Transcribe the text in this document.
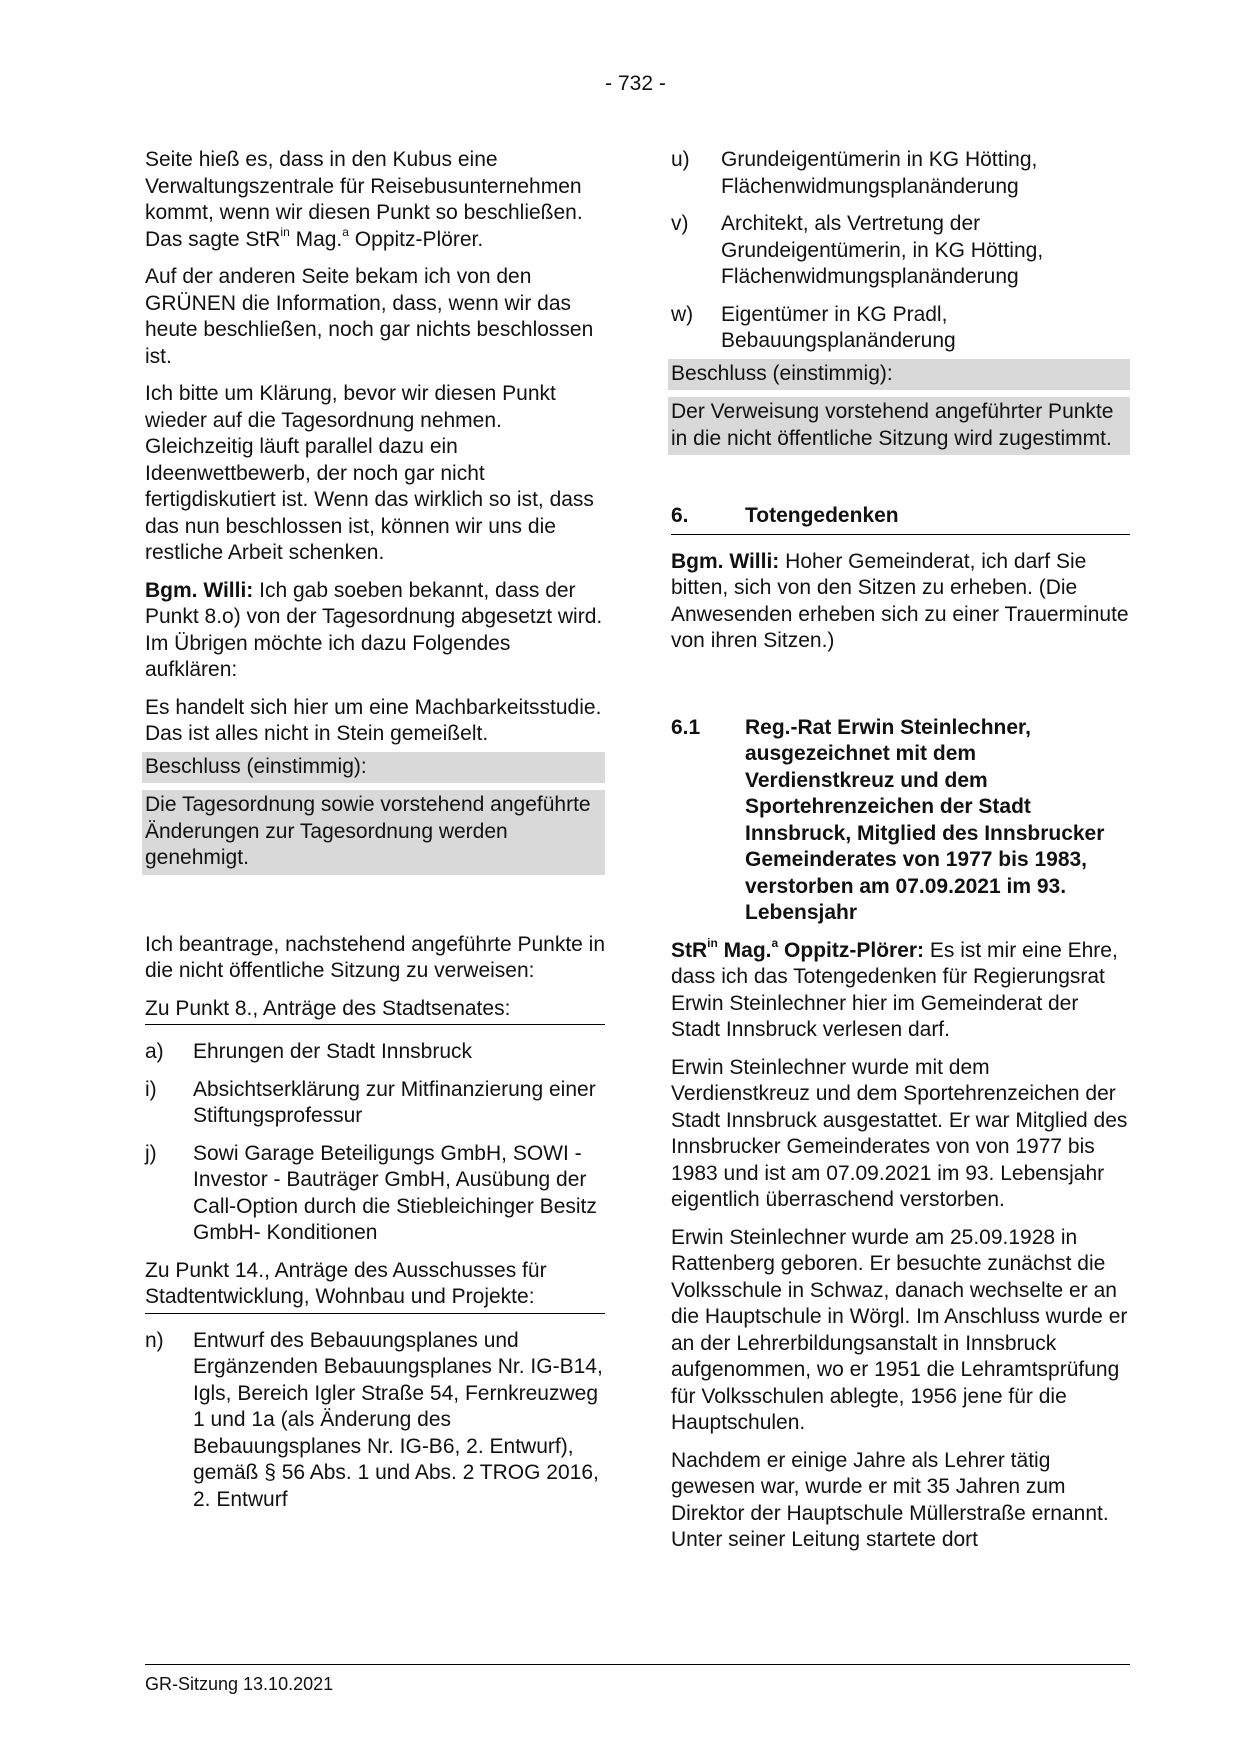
- 732 -

Seite hieß es, dass in den Kubus eine Verwaltungszentrale für Reisebusunternehmen kommt, wenn wir diesen Punkt so beschließen. Das sagte StR$^{in}$ Mag.$^a$ Oppitz-Plörer.

Auf der anderen Seite bekam ich von den GRÜNEN die Information, dass, wenn wir das heute beschließen, noch gar nichts beschlossen ist.

Ich bitte um Klärung, bevor wir diesen Punkt wieder auf die Tagesordnung nehmen. Gleichzeitig läuft parallel dazu ein Ideenwettbewerb, der noch gar nicht fertigdiskutiert ist. Wenn das wirklich so ist, dass das nun beschlossen ist, können wir uns die restliche Arbeit schenken.

Bgm. Willi: Ich gab soeben bekannt, dass der Punkt 8.o) von der Tagesordnung abgesetzt wird. Im Übrigen möchte ich dazu Folgendes aufklären:

Es handelt sich hier um eine Machbarkeitsstudie. Das ist alles nicht in Stein gemeißelt.

Beschluss (einstimmig):
Die Tagesordnung sowie vorstehend angeführte Änderungen zur Tagesordnung werden genehmigt.

Ich beantrage, nachstehend angeführte Punkte in die nicht öffentliche Sitzung zu verweisen:

Zu Punkt 8., Anträge des Stadtsenates:
a)	Ehrungen der Stadt Innsbruck
i)	Absichtserklärung zur Mitfinanzierung einer Stiftungsprofessur
j)	Sowi Garage Beteiligungs GmbH, SOWI - Investor - Bauträger GmbH, Ausübung der Call-Option durch die Stiebleichinger Besitz GmbH- Konditionen
Zu Punkt 14., Anträge des Ausschusses für Stadtentwicklung, Wohnbau und Projekte:
n)	Entwurf des Bebauungsplanes und Ergänzenden Bebauungsplanes Nr. IG-B14, Igls, Bereich Igler Straße 54, Fernkreuzweg 1 und 1a (als Änderung des Bebauungsplanes Nr. IG-B6, 2. Entwurf), gemäß § 56 Abs. 1 und Abs. 2 TROG 2016, 2. Entwurf
u)	Grundeigentümerin in KG Hötting, Flächenwidmungsplanänderung
v)	Architekt, als Vertretung der Grundeigentümerin, in KG Hötting, Flächenwidmungsplanänderung
w)	Eigentümer in KG Pradl, Bebauungsplanänderung
Beschluss (einstimmig):
Der Verweisung vorstehend angeführter Punkte in die nicht öffentliche Sitzung wird zugestimmt.
6.	Totengedenken

Bgm. Willi: Hoher Gemeinderat, ich darf Sie bitten, sich von den Sitzen zu erheben. (Die Anwesenden erheben sich zu einer Trauerminute von ihren Sitzen.)

6.1	Reg.-Rat Erwin Steinlechner, ausgezeichnet mit dem Verdienstkreuz und dem Sportehrenzeichen der Stadt Innsbruck, Mitglied des Innsbrucker Gemeinderates von 1977 bis 1983, verstorben am 07.09.2021 im 93. Lebensjahr

StR$^{in}$ Mag.$^a$ Oppitz-Plörer: Es ist mir eine Ehre, dass ich das Totengedenken für Regierungsrat Erwin Steinlechner hier im Gemeinderat der Stadt Innsbruck verlesen darf.

Erwin Steinlechner wurde mit dem Verdienstkreuz und dem Sportehrenzeichen der Stadt Innsbruck ausgestattet. Er war Mitglied des Innsbrucker Gemeinderates von von 1977 bis 1983 und ist am 07.09.2021 im 93. Lebensjahr eigentlich überraschend verstorben.

Erwin Steinlechner wurde am 25.09.1928 in Rattenberg geboren. Er besuchte zunächst die Volksschule in Schwaz, danach wechselte er an die Hauptschule in Wörgl. Im Anschluss wurde er an der Lehrerbildungsanstalt in Innsbruck aufgenommen, wo er 1951 die Lehramtsprüfung für Volksschulen ablegte, 1956 jene für die Hauptschulen.

Nachdem er einige Jahre als Lehrer tätig gewesen war, wurde er mit 35 Jahren zum Direktor der Hauptschule Müllerstraße ernannt. Unter seiner Leitung startete dort

GR-Sitzung 13.10.2021
